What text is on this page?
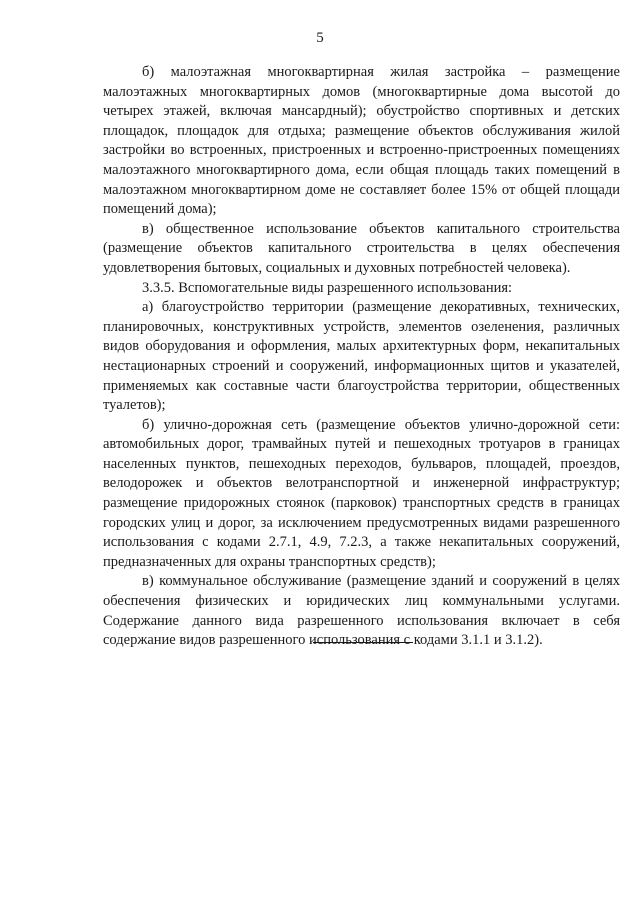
5

б) малоэтажная многоквартирная жилая застройка – размещение малоэтажных многоквартирных домов (многоквартирные дома высотой до четырех этажей, включая мансардный); обустройство спортивных и детских площадок, площадок для отдыха; размещение объектов обслуживания жилой застройки во встроенных, пристроенных и встроенно-пристроенных помещениях малоэтажного многоквартирного дома, если общая площадь таких помещений в малоэтажном многоквартирном доме не составляет более 15% от общей площади помещений дома);

в) общественное использование объектов капитального строительства (размещение объектов капитального строительства в целях обеспечения удовлетворения бытовых, социальных и духовных потребностей человека).

3.3.5. Вспомогательные виды разрешенного использования:

а) благоустройство территории (размещение декоративных, технических, планировочных, конструктивных устройств, элементов озеленения, различных видов оборудования и оформления, малых архитектурных форм, некапитальных нестационарных строений и сооружений, информационных щитов и указателей, применяемых как составные части благоустройства территории, общественных туалетов);

б) улично-дорожная сеть (размещение объектов улично-дорожной сети: автомобильных дорог, трамвайных путей и пешеходных тротуаров в границах населенных пунктов, пешеходных переходов, бульваров, площадей, проездов, велодорожек и объектов велотранспортной и инженерной инфраструктур; размещение придорожных стоянок (парковок) транспортных средств в границах городских улиц и дорог, за исключением предусмотренных видами разрешенного использования с кодами 2.7.1, 4.9, 7.2.3, а также некапитальных сооружений, предназначенных для охраны транспортных средств);

в) коммунальное обслуживание (размещение зданий и сооружений в целях обеспечения физических и юридических лиц коммунальными услугами. Содержание данного вида разрешенного использования включает в себя содержание видов разрешенного использования с кодами 3.1.1 и 3.1.2).
